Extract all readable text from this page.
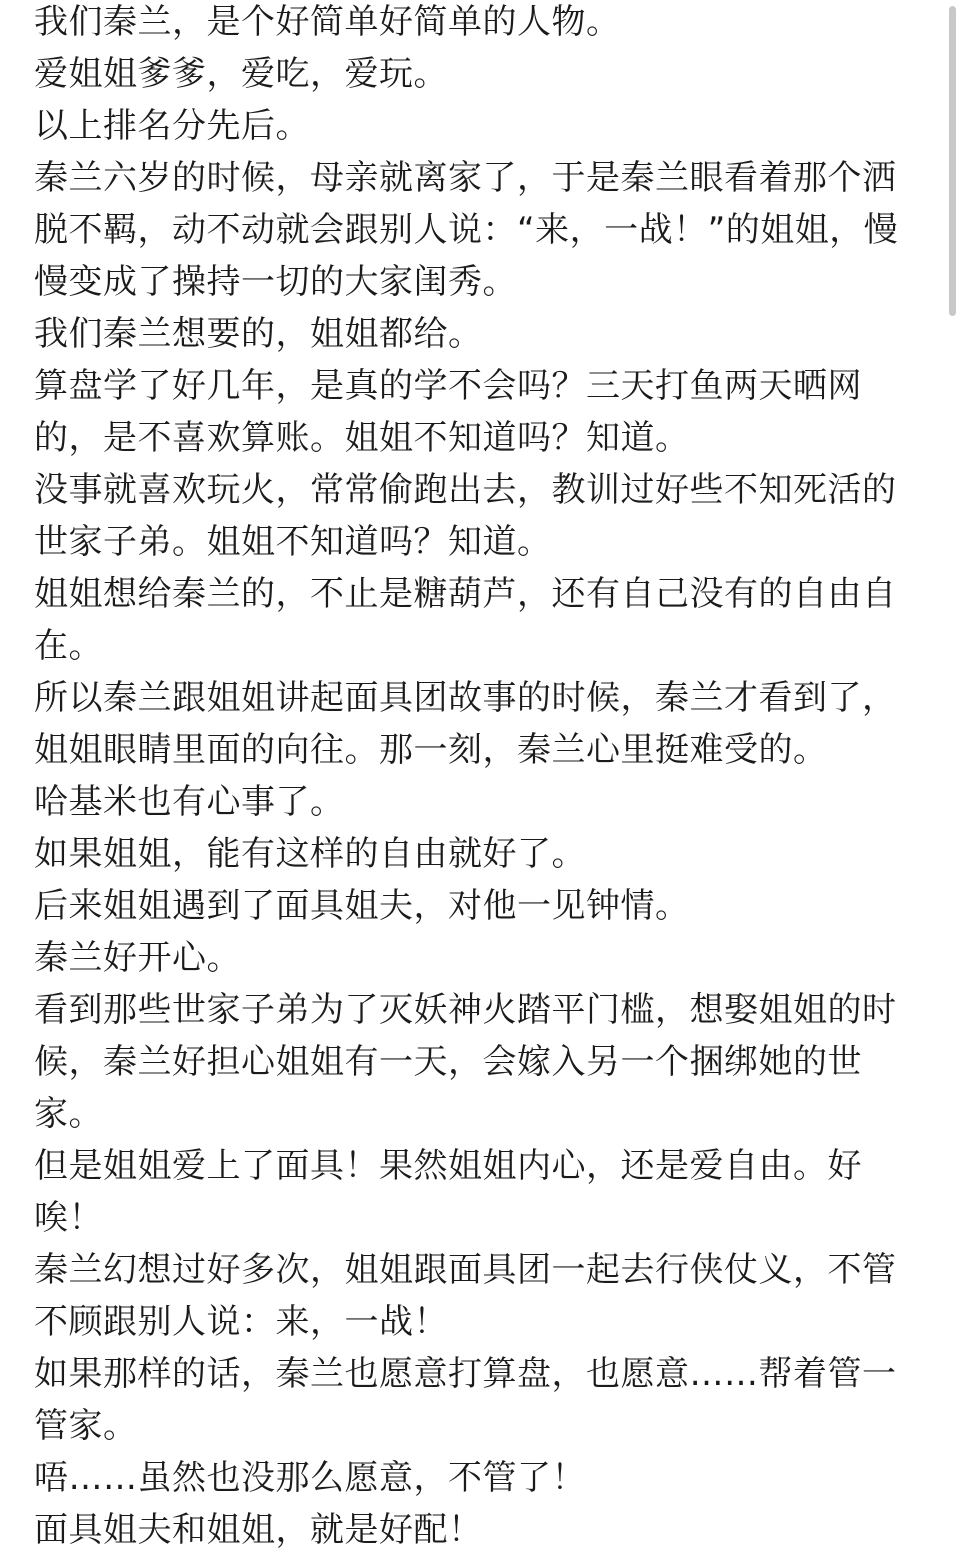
我们秦兰，是个好简单好简单的人物。

爱姐姐爹爹，爱吃，爱玩。

以上排名分先后。

秦兰六岁的时候，母亲就离家了，于是秦兰眼看着那个洒脱不羁，动不动就会跟别人说：“来，一战！”的姐姐，慢慢变成了操持一切的大家闺秀。

我们秦兰想要的，姐姐都给。

算盘学了好几年，是真的学不会吗？三天打鱼两天晒网的，是不喜欢算账。姐姐不知道吗？知道。

没事就喜欢玩火，常常偷跑出去，教训过好些不知死活的世家子弟。姐姐不知道吗？知道。

姐姐想给秦兰的，不止是糖葫芦，还有自己没有的自由自在。

所以秦兰跟姐姐讲起面具团故事的时候，秦兰才看到了，姐姐眼睛里面的向往。那一刻，秦兰心里挺难受的。

哈基米也有心事了。

如果姐姐，能有这样的自由就好了。

后来姐姐遇到了面具姐夫，对他一见钟情。

秦兰好开心。

看到那些世家子弟为了灭妖神火踏平门槛，想娶姐姐的时候，秦兰好担心姐姐有一天，会嫁入另一个捆绑她的世家。

但是姐姐爱上了面具！果然姐姐内心，还是爱自由。好唉！

秦兰幻想过好多次，姐姐跟面具团一起去行侠仗义，不管不顾跟别人说：来，一战！

如果那样的话，秦兰也愿意打算盘，也愿意……帮着管一管家。

唔……虽然也没那么愿意，不管了！

面具姐夫和姐姐，就是好配！
